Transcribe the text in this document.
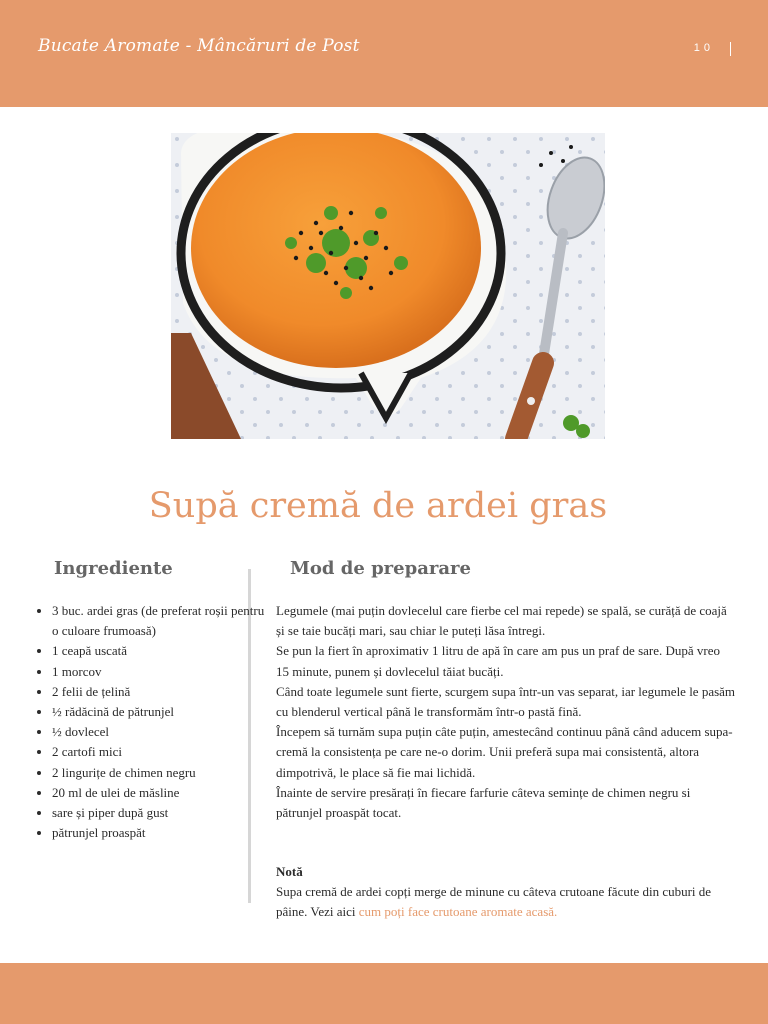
Bucate Aromate - Mâncăruri de Post	10
Supă cremă de ardei gras
Ingrediente	Mod de preparare
• 3 buc. ardei gras (de preferat roșii pentru o culoare frumoasă)
• 1 ceapă uscată
• 1 morcov
• 2 felii de țelină
• ½ rădăcină de pătrunjel
• ½ dovlecel
• 2 cartofi mici
• 2 lingurițe de chimen negru
• 20 ml de ulei de măsline
• sare și piper după gust
• pătrunjel proaspăt

Legumele (mai puțin dovlecelul care fierbe cel mai repede) se spală, se curăță de coajă și se taie bucăți mari, sau chiar le puteți lăsa întregi.

Se pun la fiert în aproximativ 1 litru de apă în care am pus un praf de sare. După vreo 15 minute, punem și dovlecelul tăiat bucăți.

Când toate legumele sunt fierte, scurgem supa într-un vas separat, iar legumele le pasăm cu blenderul vertical până le transformăm într-o pastă fină.

Începem să turnăm supa puțin câte puțin, amestecând continuu până când aducem supa-cremă la consistența pe care ne-o dorim. Unii preferă supa mai consistentă, altora dimpotrivă, le place să fie mai lichidă.

Înainte de servire presărați în fiecare farfurie câteva semințe de chimen negru si pătrunjel proaspăt tocat.

Notă
Supa cremă de ardei copți merge de minune cu câteva crutoane făcute din cuburi de pâine. Vezi aici cum poți face crutoane aromate acasă.
